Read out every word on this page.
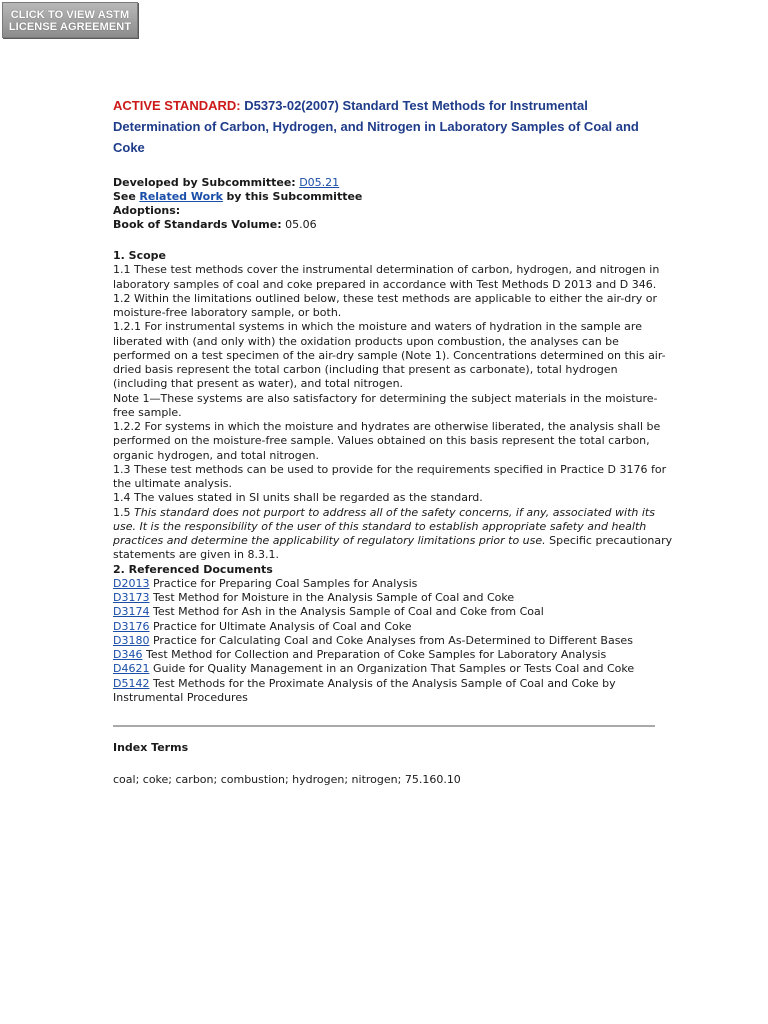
CLICK TO VIEW ASTM
LICENSE AGREEMENT
ACTIVE STANDARD: D5373-02(2007) Standard Test Methods for Instrumental
Determination of Carbon, Hydrogen, and Nitrogen in Laboratory Samples of Coal and Coke
Developed by Subcommittee: D05.21
See Related Work by this Subcommittee
Adoptions:
Book of Standards Volume: 05.06

1. Scope

1.1 These test methods cover the instrumental determination of carbon, hydrogen, and nitrogen in laboratory samples of coal and coke prepared in accordance with Test Methods D 2013 and D 346.

1.2 Within the limitations outlined below, these test methods are applicable to either the air-dry or moisture-free laboratory sample, or both.

1.2.1 For instrumental systems in which the moisture and waters of hydration in the sample are liberated with (and only with) the oxidation products upon combustion, the analyses can be performed on a test specimen of the air-dry sample (Note 1). Concentrations determined on this air-dried basis represent the total carbon (including that present as carbonate), total hydrogen (including that present as water), and total nitrogen.

Note 1—These systems are also satisfactory for determining the subject materials in the moisture-free sample.

1.2.2 For systems in which the moisture and hydrates are otherwise liberated, the analysis shall be performed on the moisture-free sample. Values obtained on this basis represent the total carbon, organic hydrogen, and total nitrogen.

1.3 These test methods can be used to provide for the requirements specified in Practice D 3176 for the ultimate analysis.

1.4 The values stated in SI units shall be regarded as the standard.

1.5 This standard does not purport to address all of the safety concerns, if any, associated with its use. It is the responsibility of the user of this standard to establish appropriate safety and health practices and determine the applicability of regulatory limitations prior to use. Specific precautionary statements are given in 8.3.1.

2. Referenced Documents

D2013 Practice for Preparing Coal Samples for Analysis
D3173 Test Method for Moisture in the Analysis Sample of Coal and Coke
D3174 Test Method for Ash in the Analysis Sample of Coal and Coke from Coal
D3176 Practice for Ultimate Analysis of Coal and Coke
D3180 Practice for Calculating Coal and Coke Analyses from As-Determined to Different Bases
D346 Test Method for Collection and Preparation of Coke Samples for Laboratory Analysis
D4621 Guide for Quality Management in an Organization That Samples or Tests Coal and Coke
D5142 Test Methods for the Proximate Analysis of the Analysis Sample of Coal and Coke by Instrumental Procedures
Index Terms
coal; coke; carbon; combustion; hydrogen; nitrogen; 75.160.10
